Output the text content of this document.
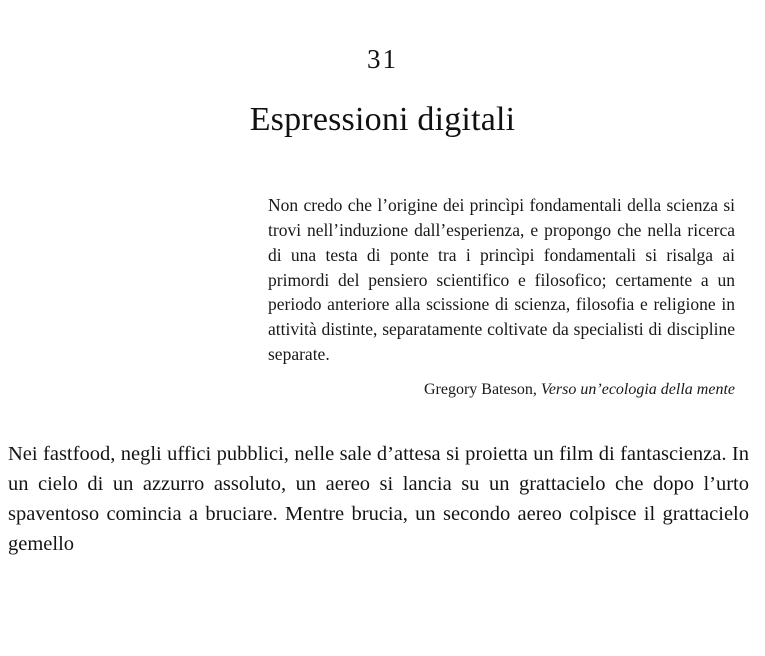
31
Espressioni digitali

Non credo che l’origine dei princìpi fondamentali della scienza si trovi nell’induzione dall’esperienza, e propongo che nella ricerca di una testa di ponte tra i princìpi fondamentali si risalga ai primordi del pensiero scientifico e filosofico; certamente a un periodo anteriore alla scissione di scienza, filosofia e religione in attività distinte, separatamente coltivate da specialisti di discipline separate.

Gregory Bateson, Verso un’ecologia della mente

Nei fastfood, negli uffici pubblici, nelle sale d’attesa si proietta un film di fantascienza. In un cielo di un azzurro assoluto, un aereo si lancia su un grattacielo che dopo l’urto spaventoso comincia a bruciare. Mentre brucia, un secondo aereo colpisce il grattacielo gemello
